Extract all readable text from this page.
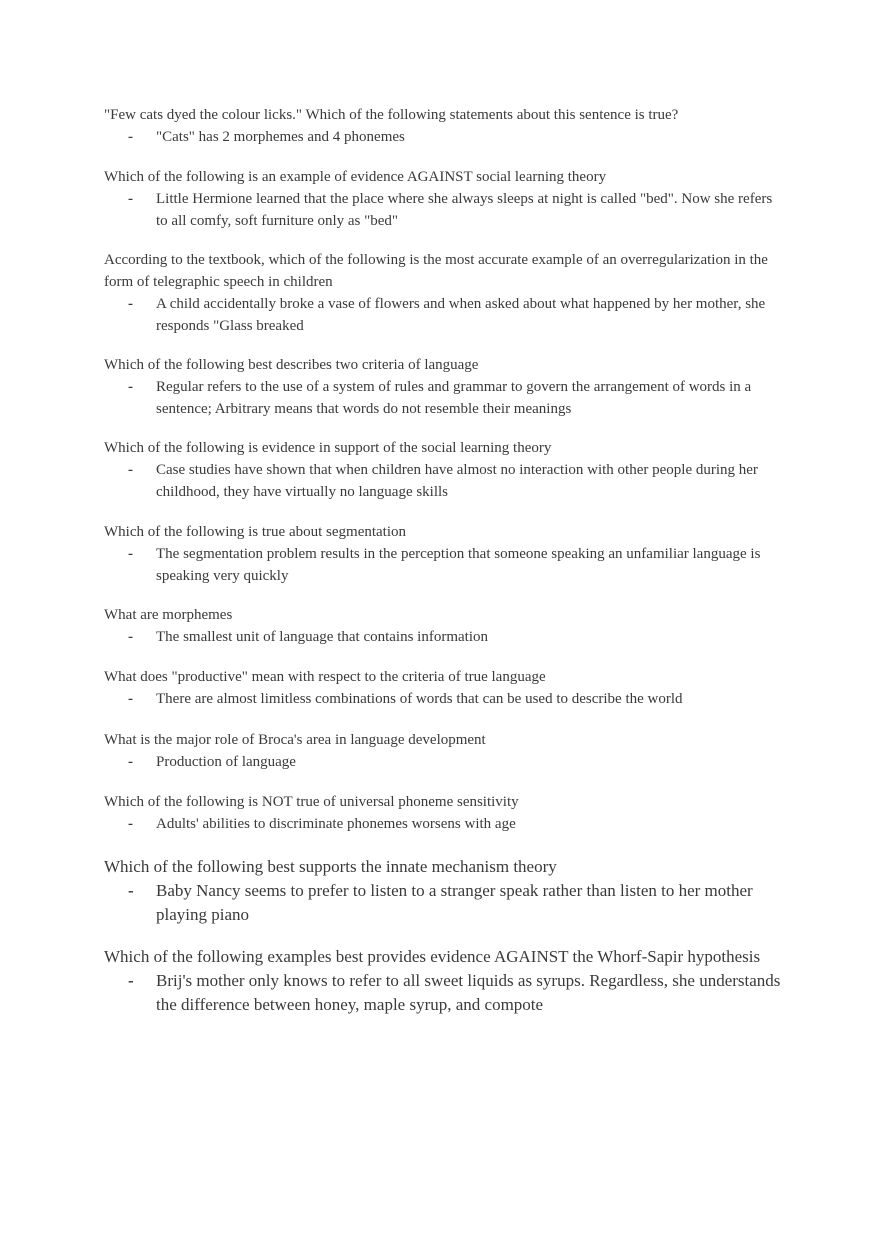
"Few cats dyed the colour licks." Which of the following statements about this sentence is true?
- "Cats" has 2 morphemes and 4 phonemes
Which of the following is an example of evidence AGAINST social learning theory
- Little Hermione learned that the place where she always sleeps at night is called "bed". Now she refers to all comfy, soft furniture only as "bed"
According to the textbook, which of the following is the most accurate example of an overregularization in the form of telegraphic speech in children
- A child accidentally broke a vase of flowers and when asked about what happened by her mother, she responds "Glass breaked
Which of the following best describes two criteria of language
- Regular refers to the use of a system of rules and grammar to govern the arrangement of words in a sentence; Arbitrary means that words do not resemble their meanings
Which of the following is evidence in support of the social learning theory
- Case studies have shown that when children have almost no interaction with other people during her childhood, they have virtually no language skills
Which of the following is true about segmentation
- The segmentation problem results in the perception that someone speaking an unfamiliar language is speaking very quickly
What are morphemes
- The smallest unit of language that contains information
What does "productive" mean with respect to the criteria of true language
- There are almost limitless combinations of words that can be used to describe the world
What is the major role of Broca's area in language development
- Production of language
Which of the following is NOT true of universal phoneme sensitivity
- Adults' abilities to discriminate phonemes worsens with age
Which of the following best supports the innate mechanism theory
- Baby Nancy seems to prefer to listen to a stranger speak rather than listen to her mother playing piano
Which of the following examples best provides evidence AGAINST the Whorf-Sapir hypothesis
- Brij's mother only knows to refer to all sweet liquids as syrups. Regardless, she understands the difference between honey, maple syrup, and compote
